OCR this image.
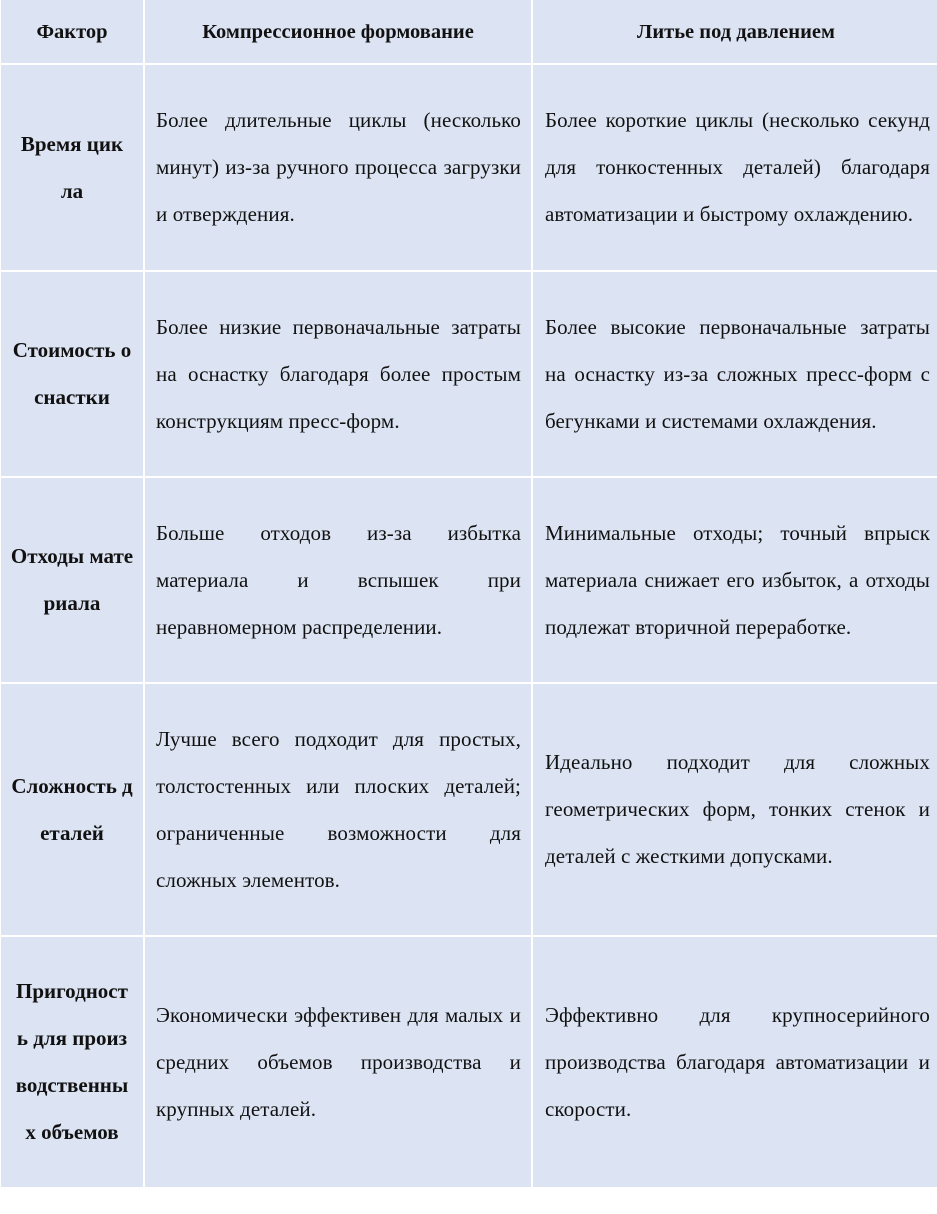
Фактор	Компрессионное формование	Литье под давлением
Время цикла
Более длительные циклы (несколько минут) из-за ручного процесса загрузки и отверждения.
Более короткие циклы (несколько секунд для тонкостенных деталей) благодаря автоматизации и быстрому охлаждению.
Стоимость оснастки
Более низкие первоначальные затраты на оснастку благодаря более простым конструкциям пресс-форм.
Более высокие первоначальные затраты на оснастку из-за сложных пресс-форм с бегунками и системами охлаждения.
Отходы материала
Больше отходов из-за избытка материала и вспышек при неравномерном распределении.
Минимальные отходы; точный впрыск материала снижает его избыток, а отходы подлежат вторичной переработке.
Сложность деталей
Лучше всего подходит для простых, толстостенных или плоских деталей; ограниченные возможности для сложных элементов.
Идеально подходит для сложных геометрических форм, тонких стенок и деталей с жесткими допусками.
Пригодность для производственных объемов
Экономически эффективен для малых и средних объемов производства и крупных деталей.
Эффективно для крупносерийного производства благодаря автоматизации и скорости.
